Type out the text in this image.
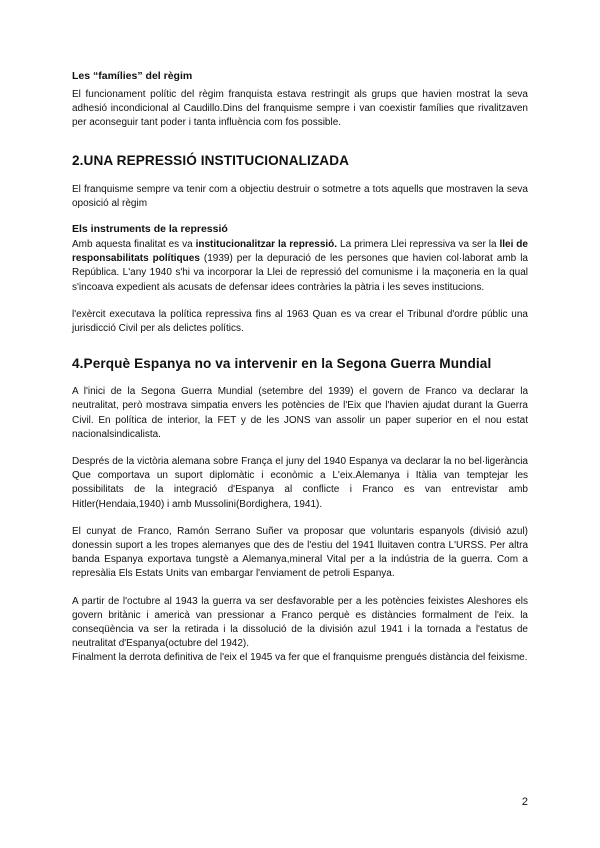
Les “famílies” del règim

El funcionament polític del règim franquista estava restringit als grups que havien mostrat la seva adhesió incondicional al Caudillo.Dins del franquisme sempre i van coexistir famílies que rivalitzaven per aconseguir tant poder i tanta influència com fos possible.

2.UNA REPRESSIÓ INSTITUCIONALIZADA

El franquisme sempre va tenir com a objectiu destruir o sotmetre a tots aquells que mostraven la seva oposició al règim

Els instruments de la repressió

Amb aquesta finalitat es va institucionalitzar la repressió. La primera Llei repressiva va ser la llei de responsabilitats polítiques (1939) per la depuració de les persones que havien col·laborat amb la República. L'any 1940 s'hi va incorporar la Llei de repressió del comunisme i la maçoneria en la qual s'incoava expedient als acusats de defensar idees contràries la pàtria i les seves institucions.

l'exèrcit executava la política repressiva fins al 1963 Quan es va crear el Tribunal d'ordre públic una jurisdicció Civil per als delictes polítics.

4.Perquè Espanya no va intervenir en la Segona Guerra Mundial

A l'inici de la Segona Guerra Mundial (setembre del 1939) el govern de Franco va declarar la neutralitat, però mostrava simpatia envers les potències de l'Eix que l'havien ajudat durant la Guerra Civil. En política de interior, la FET y de les JONS van assolir un paper superior en el nou estat nacionalsindicalista.

Després de la victòria alemana sobre França el juny del 1940 Espanya va declarar la no bel·ligerància Que comportava un suport diplomàtic i econòmic a L'eix.Alemanya i Itàlia van temptejar les possibilitats de la integració d'Espanya al conflicte i Franco es van entrevistar amb Hitler(Hendaia,1940) i amb Mussolini(Bordighera, 1941).

El cunyat de Franco, Ramón Serrano Suñer va proposar que voluntaris espanyols (divisió azul) donessin suport a les tropes alemanyes que des de l'estiu del 1941 lluitaven contra L'URSS. Per altra banda Espanya exportava tungstè a Alemanya,mineral Vital per a la indústria de la guerra. Com a represàlia Els Estats Units van embargar l'enviament de petroli Espanya.

A partir de l'octubre al 1943 la guerra va ser desfavorable per a les potències feixistes Aleshores els govern britànic i americà van pressionar a Franco perquè es distàncies formalment de l'eix. la conseqüència va ser la retirada i la dissolució de la división azul 1941 i la tornada a l'estatus de neutralitat d'Espanya(octubre del 1942).

Finalment la derrota definitiva de l'eix el 1945 va fer que el franquisme prengués distància del feixisme.

2
